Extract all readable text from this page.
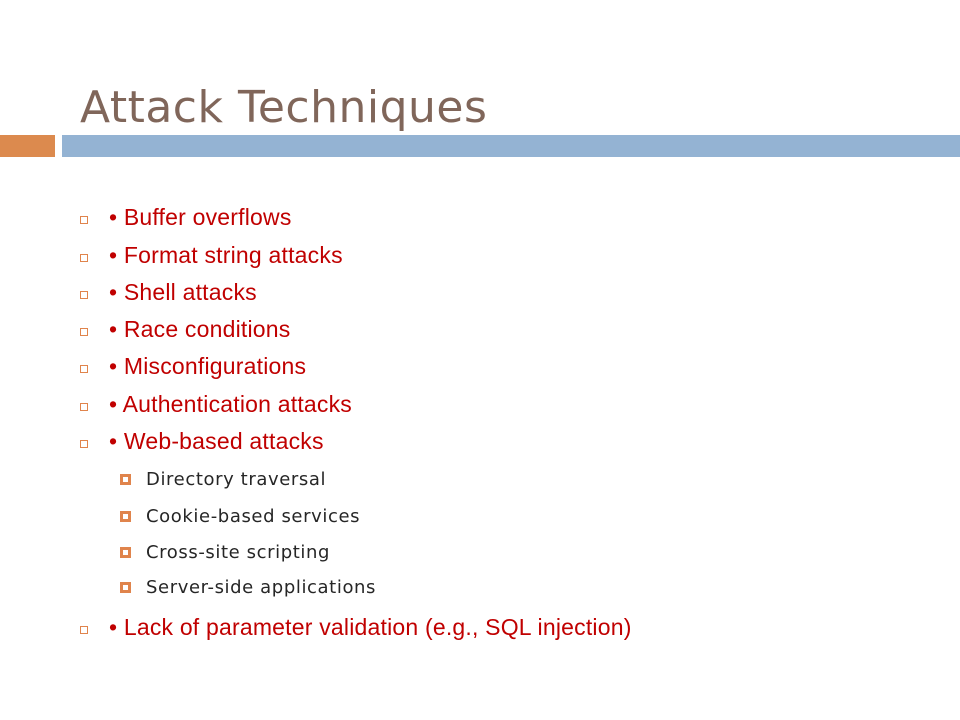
Attack Techniques
• Buffer overflows
• Format string attacks
• Shell attacks
• Race conditions
• Misconfigurations
• Authentication attacks
• Web-based attacks
Directory traversal
Cookie-based services
Cross-site scripting
Server-side applications
• Lack of parameter validation (e.g., SQL injection)
